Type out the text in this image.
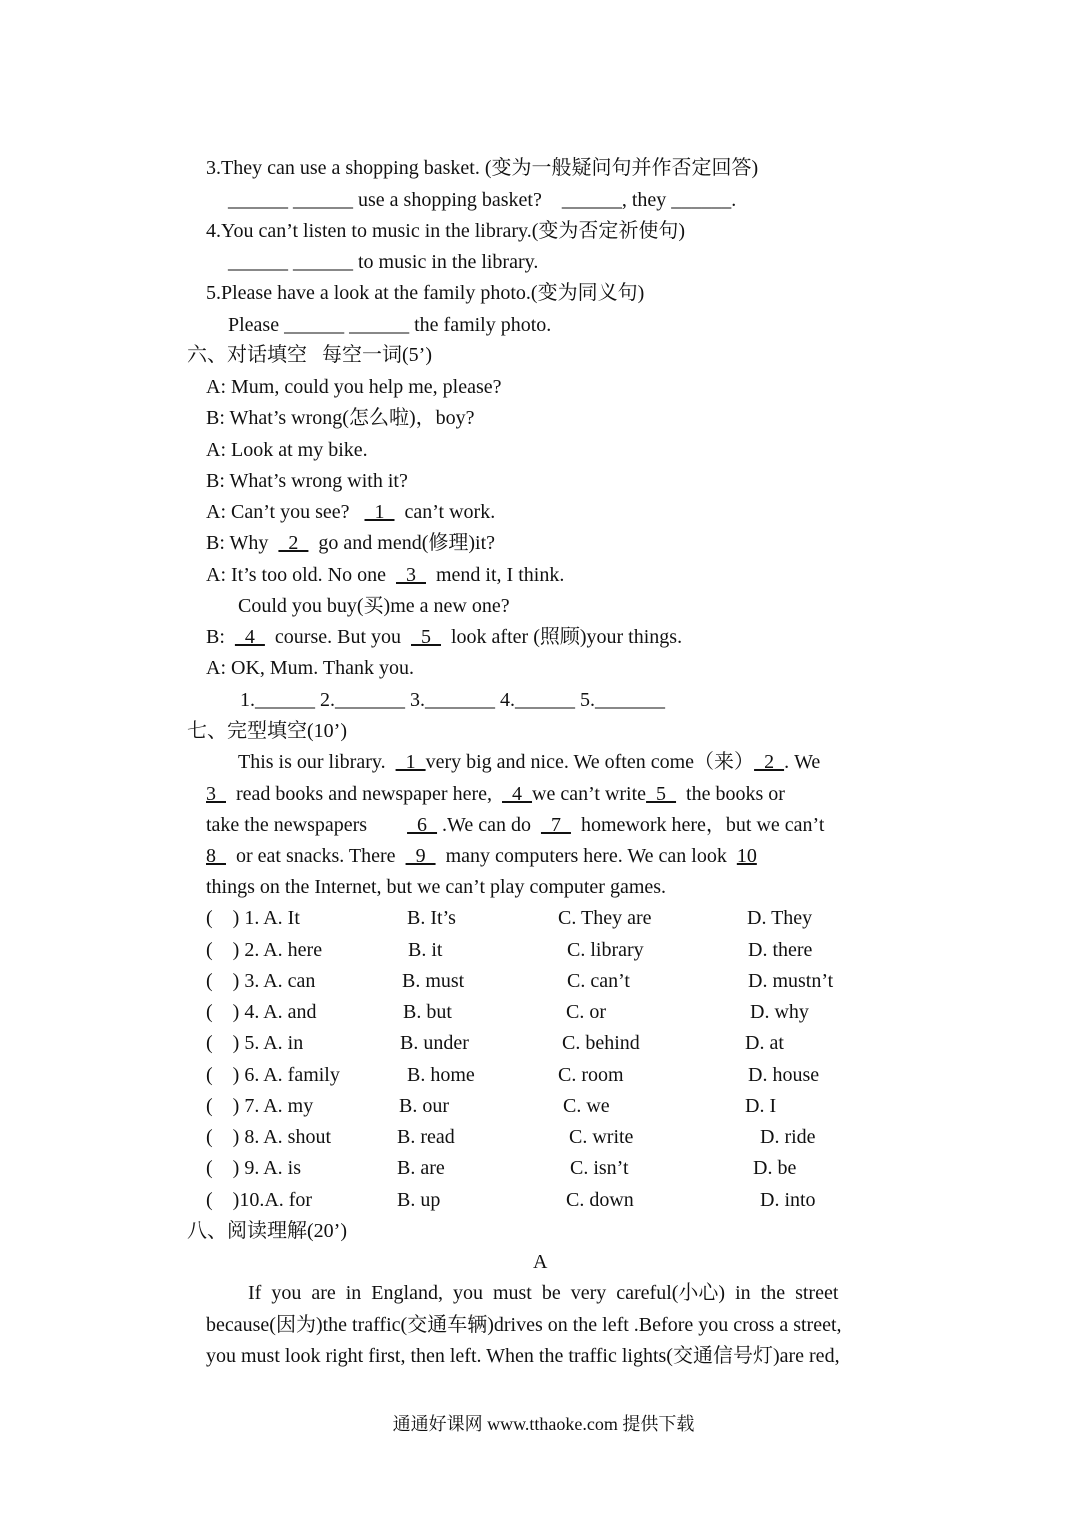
3.They can use a shopping basket. (变为一般疑问句并作否定回答)
______ ______ use a shopping basket?    ______, they ______.
4.You can’t listen to music in the library.(变为否定祈使句)
______ ______ to music in the library.
5.Please have a look at the family photo.(变为同义句)
Please ______ ______ the family photo.
六、对话填空   每空一词(5’)
A: Mum, could you help me, please?
B: What’s wrong(怎么啦)，boy?
A: Look at my bike.
B: What’s wrong with it?
A: Can’t you see?     1    can’t work.
B: Why    2    go and mend(修理)it?
A: It’s too old. No one    3    mend it, I think.
Could you buy(买)me a new one?
B:    4    course. But you    5    look after (照顾)your things.
A: OK, Mum. Thank you.
1.______ 2._______ 3._______ 4.______ 5._______
七、完型填空(10’)
This is our library.    1  very big and nice. We often come（来）  2  . We
3    read books and newspaper here,    4  we can’t write  5    the books or
take the newspapers          6   .We can do    7    homework here，but we can’t
8    or eat snacks. There    9    many computers here. We can look  10
things on the Internet, but we can’t play computer games.
(    ) 1. A. It	B. It’s	C. They are	D. They
(    ) 2. A. here	B. it	C. library	D. there
(    ) 3. A. can	B. must	C. can’t	D. mustn’t
(    ) 4. A. and	B. but	C. or	D. why
(    ) 5. A. in	B. under	C. behind	D. at
(    ) 6. A. family	B. home	C. room	D. house
(    ) 7. A. my	B. our	C. we	D. I
(    ) 8. A. shout	B. read	C. write	D. ride
(    ) 9. A. is	B. are	C. isn’t	D. be
(    )10.A. for	B. up	C. down	D. into
八、阅读理解(20’)
A
If  you  are  in  England,  you  must  be  very  careful(小心)  in  the  street
because(因为)the traffic(交通车辆)drives on the left .Before you cross a street,
you must look right first, then left. When the traffic lights(交通信号灯)are red,
通通好课网 www.tthaoke.com 提供下载
